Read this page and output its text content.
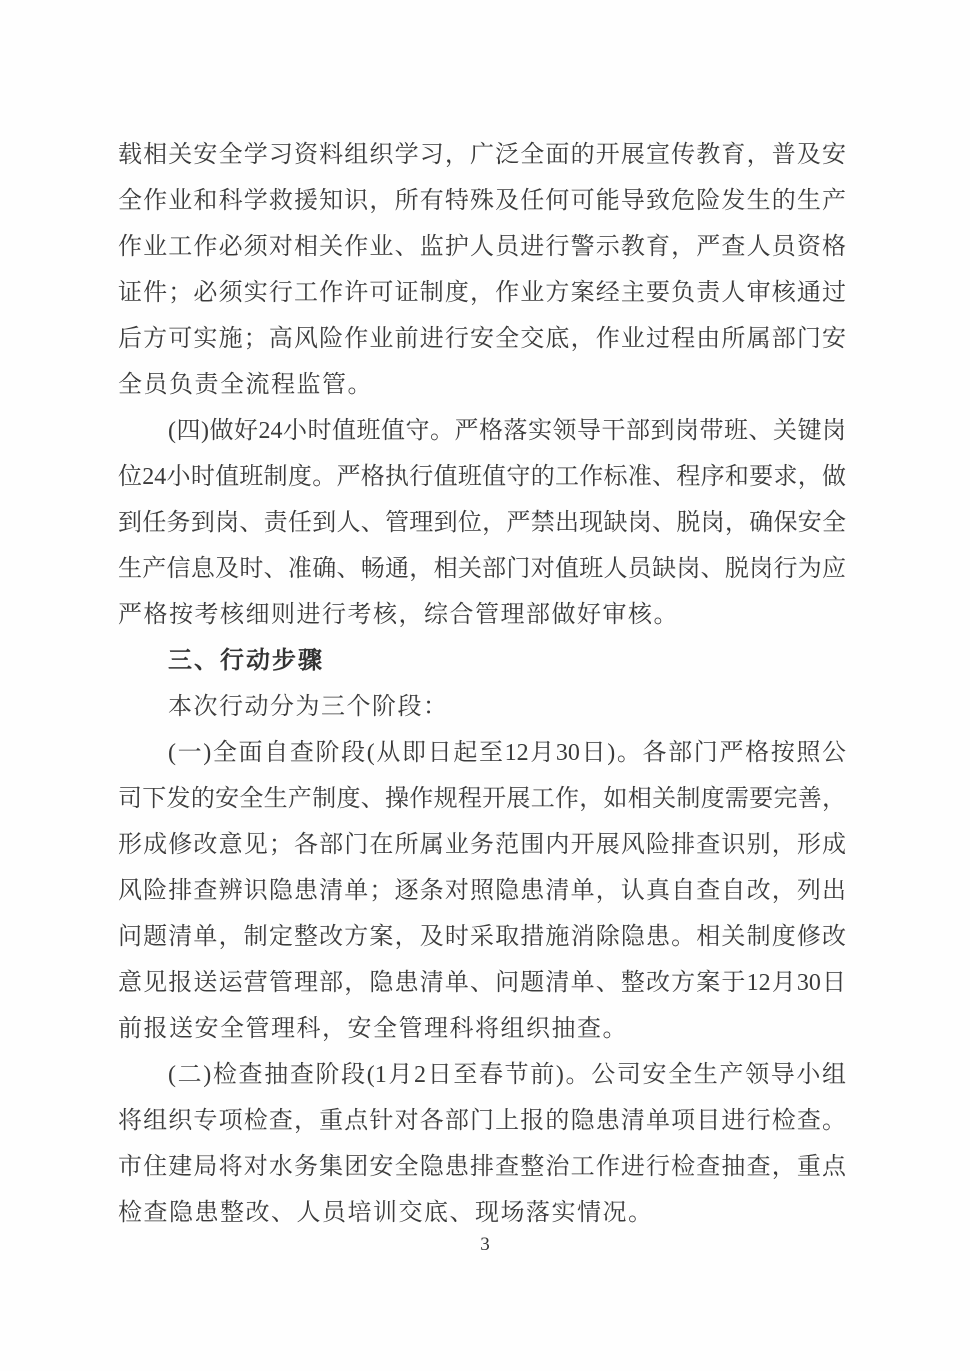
载相关安全学习资料组织学习，广泛全面的开展宣传教育，普及安
全作业和科学救援知识，所有特殊及任何可能导致危险发生的生产
作业工作必须对相关作业、监护人员进行警示教育，严查人员资格
证件；必须实行工作许可证制度，作业方案经主要负责人审核通过
后方可实施；高风险作业前进行安全交底，作业过程由所属部门安
全员负责全流程监管。
(四)做好24小时值班值守。严格落实领导干部到岗带班、关键岗
位24小时值班制度。严格执行值班值守的工作标准、程序和要求，做
到任务到岗、责任到人、管理到位，严禁出现缺岗、脱岗，确保安全
生产信息及时、准确、畅通，相关部门对值班人员缺岗、脱岗行为应
严格按考核细则进行考核，综合管理部做好审核。
三、行动步骤
本次行动分为三个阶段：
(一)全面自查阶段(从即日起至12月30日)。各部门严格按照公
司下发的安全生产制度、操作规程开展工作，如相关制度需要完善，
形成修改意见；各部门在所属业务范围内开展风险排查识别，形成
风险排查辨识隐患清单；逐条对照隐患清单，认真自查自改，列出
问题清单，制定整改方案，及时采取措施消除隐患。相关制度修改
意见报送运营管理部，隐患清单、问题清单、整改方案于12月30日
前报送安全管理科，安全管理科将组织抽查。
(二)检查抽查阶段(1月2日至春节前)。公司安全生产领导小组
将组织专项检查，重点针对各部门上报的隐患清单项目进行检查。
市住建局将对水务集团安全隐患排查整治工作进行检查抽查，重点
检查隐患整改、人员培训交底、现场落实情况。
3
